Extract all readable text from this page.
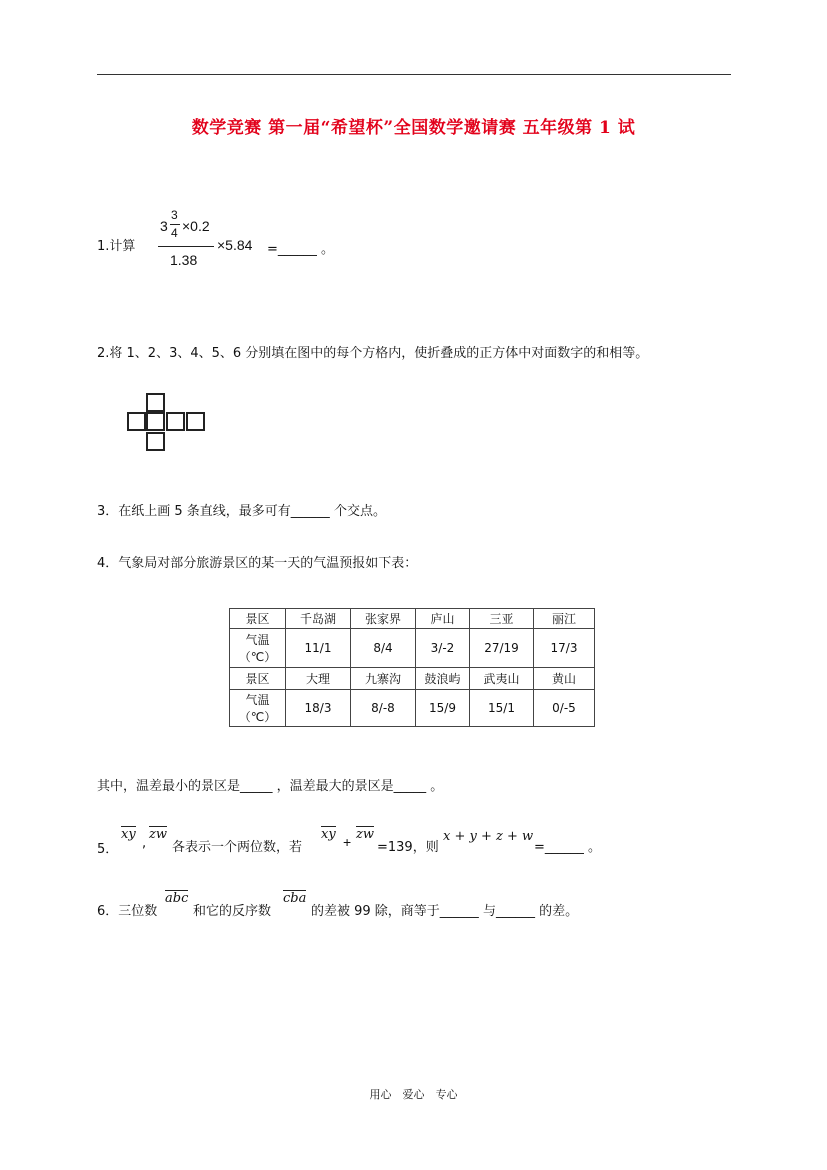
数学竞赛 第一届“希望杯”全国数学邀请赛 五年级第 1 试
1.计算
3
3
4 ×0.2
1.38
×5.84 =______ 。
2.将 1、2、3、4、5、6 分别填在图中的每个方格内，使折叠成的正方体中对面数字的和相等。
3．在纸上画 5 条直线，最多可有______ 个交点。
4．气象局对部分旅游景区的某一天的气温预报如下表：
景区	千岛湖	张家界	庐山	三亚	丽江

气温
（℃）	11/1	8/4	3/-2	27/19	17/3
景区	大理	九寨沟	鼓浪屿	武夷山	黄山

气温
（℃）	18/3	8/-8	15/9	15/1	0/-5
其中，温差最小的景区是_____ ，温差最大的景区是_____ 。
5．
xy
,
zw
各表示一个两位数，若
xy + zw
=139，则
x + y + z + w
=______ 。
6．三位数
abc
和它的反序数
cba
的差被 99 除，商等于______ 与______ 的差。
用心　爱心　专心
